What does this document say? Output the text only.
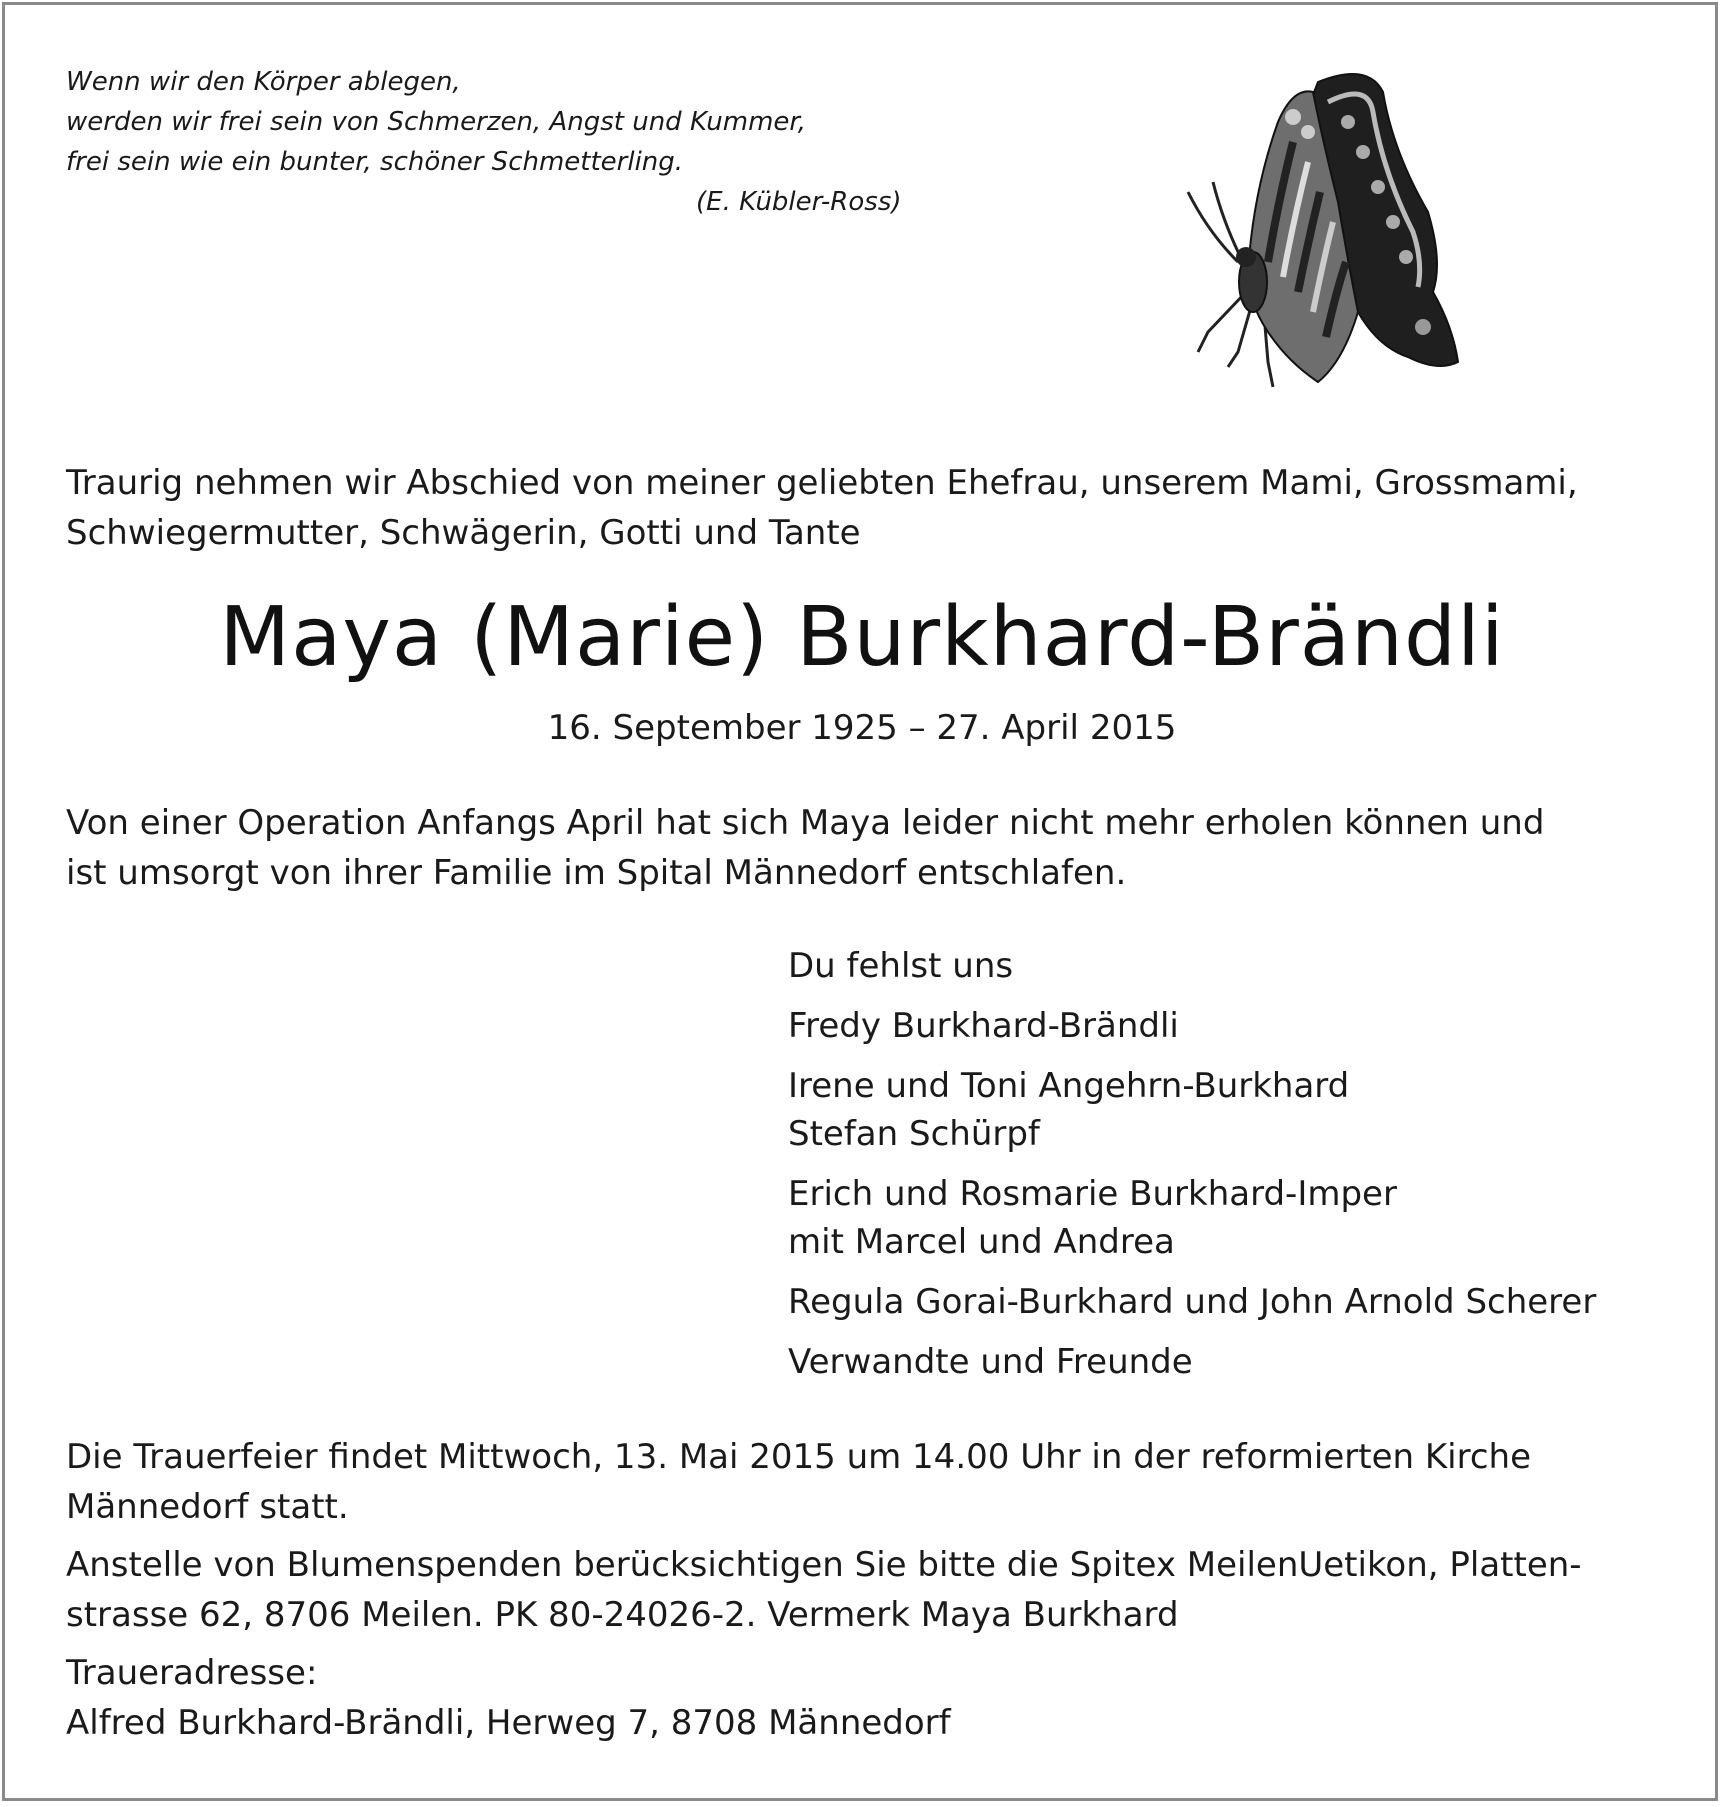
Wenn wir den Körper ablegen,
werden wir frei sein von Schmerzen, Angst und Kummer,
frei sein wie ein bunter, schöner Schmetterling.
(E. Kübler-Ross)
Traurig nehmen wir Abschied von meiner geliebten Ehefrau, unserem Mami, Grossmami,
Schwiegermutter, Schwägerin, Gotti und Tante
Maya (Marie) Burkhard-Brändli
16. September 1925 – 27. April 2015
Von einer Operation Anfangs April hat sich Maya leider nicht mehr erholen können und
ist umsorgt von ihrer Familie im Spital Männedorf entschlafen.
Du fehlst uns
Fredy Burkhard-Brändli
Irene und Toni Angehrn-Burkhard
Stefan Schürpf
Erich und Rosmarie Burkhard-Imper
mit Marcel und Andrea
Regula Gorai-Burkhard und John Arnold Scherer
Verwandte und Freunde
Die Trauerfeier findet Mittwoch, 13. Mai 2015 um 14.00 Uhr in der reformierten Kirche
Männedorf statt.
Anstelle von Blumenspenden berücksichtigen Sie bitte die Spitex MeilenUetikon, Platten-
strasse 62, 8706 Meilen. PK 80-24026-2. Vermerk Maya Burkhard
Traueradresse:
Alfred Burkhard-Brändli, Herweg 7, 8708 Männedorf
